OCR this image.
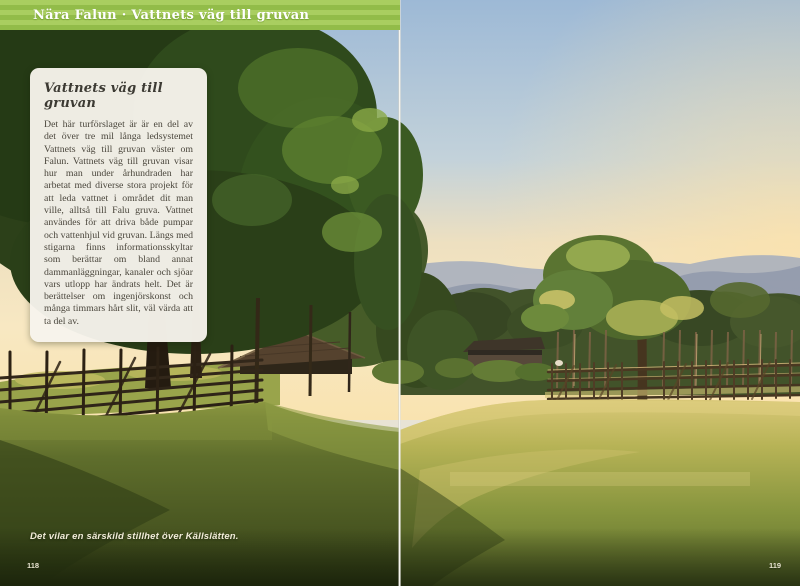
Nära Falun · Vattnets väg till gruvan
Vattnets väg till gruvan

Det här turförslaget är är en del av det över tre mil långa ledsystemet Vattnets väg till gruvan väster om Falun. Vattnets väg till gruvan visar hur man under århundraden har arbetat med diverse stora projekt för att leda vattnet i området dit man ville, alltså till Falu gruva. Vattnet användes för att driva både pumpar och vattenhjul vid gruvan. Längs med stigarna finns informationsskyltar som berättar om bland annat dammanläggningar, kanaler och sjöar vars utlopp har ändrats helt. Det är berättelser om ingenjörskonst och många timmars hårt slit, väl värda att ta del av.

Det vilar en särskild stillhet över Källslätten.
118	119
